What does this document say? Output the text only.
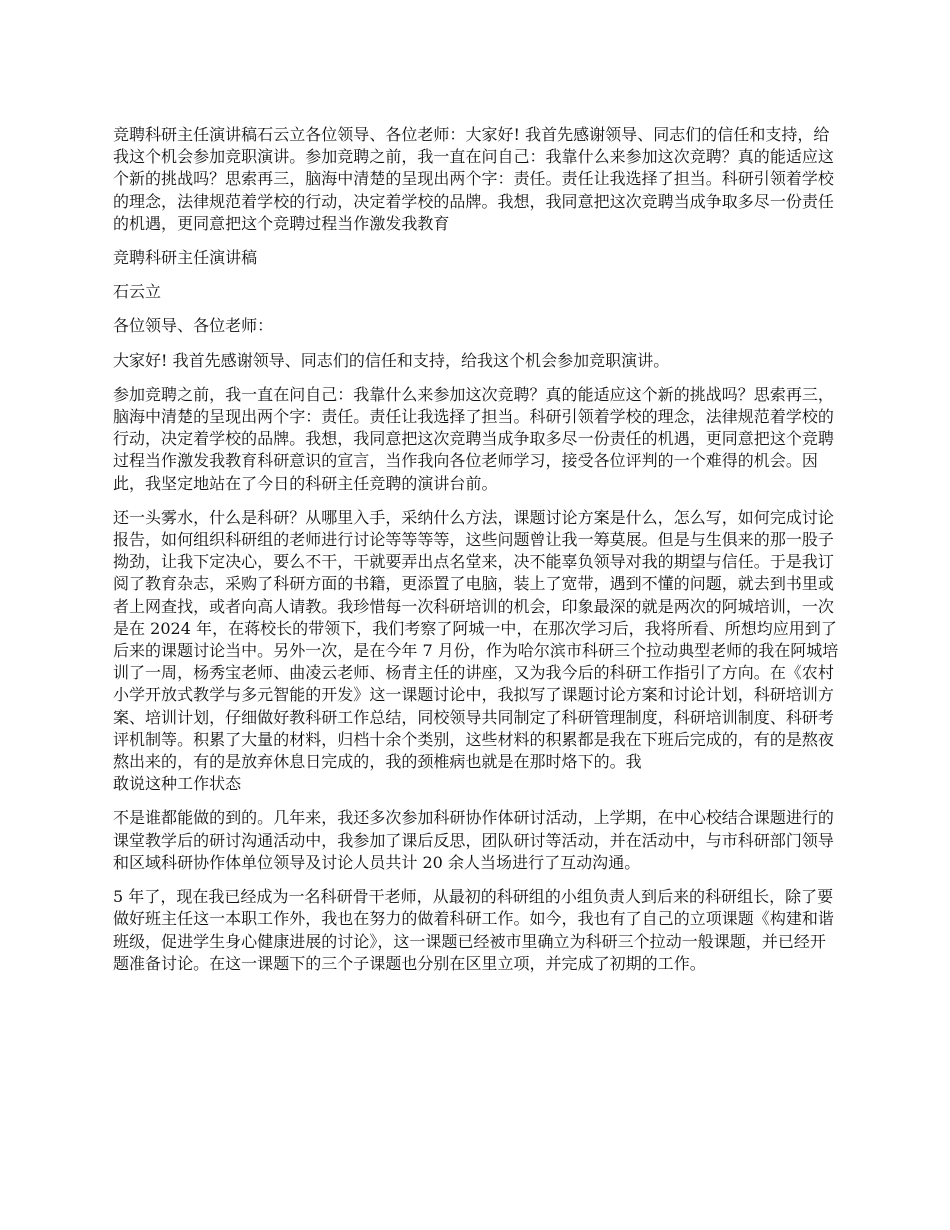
竞聘科研主任演讲稿石云立各位领导、各位老师：大家好! 我首先感谢领导、同志们的信任和支持，给我这个机会参加竞职演讲。参加竞聘之前，我一直在问自己：我靠什么来参加这次竞聘？真的能适应这个新的挑战吗？思索再三，脑海中清楚的呈现出两个字：责任。责任让我选择了担当。科研引领着学校的理念，法律规范着学校的行动，决定着学校的品牌。我想，我同意把这次竞聘当成争取多尽一份责任的机遇，更同意把这个竞聘过程当作激发我教育

竞聘科研主任演讲稿

石云立

各位领导、各位老师：

大家好! 我首先感谢领导、同志们的信任和支持，给我这个机会参加竞职演讲。

参加竞聘之前，我一直在问自己：我靠什么来参加这次竞聘？真的能适应这个新的挑战吗？思索再三，脑海中清楚的呈现出两个字：责任。责任让我选择了担当。科研引领着学校的理念，法律规范着学校的行动，决定着学校的品牌。我想，我同意把这次竞聘当成争取多尽一份责任的机遇，更同意把这个竞聘过程当作激发我教育科研意识的宣言，当作我向各位老师学习，接受各位评判的一个难得的机会。因此，我坚定地站在了今日的科研主任竞聘的演讲台前。

还一头雾水，什么是科研？从哪里入手，采纳什么方法，课题讨论方案是什么，怎么写，如何完成讨论报告，如何组织科研组的老师进行讨论等等等等，这些问题曾让我一筹莫展。但是与生俱来的那一股子拗劲，让我下定决心，要么不干，干就要弄出点名堂来，决不能辜负领导对我的期望与信任。于是我订阅了教育杂志，采购了科研方面的书籍，更添置了电脑，装上了宽带，遇到不懂的问题，就去到书里或者上网查找，或者向高人请教。我珍惜每一次科研培训的机会，印象最深的就是两次的阿城培训，一次是在 2024 年，在蒋校长的带领下，我们考察了阿城一中，在那次学习后，我将所看、所想均应用到了后来的课题讨论当中。另外一次，是在今年 7 月份，作为哈尔滨市科研三个拉动典型老师的我在阿城培训了一周，杨秀宝老师、曲凌云老师、杨青主任的讲座，又为我今后的科研工作指引了方向。在《农村小学开放式教学与多元智能的开发》这一课题讨论中，我拟写了课题讨论方案和讨论计划，科研培训方案、培训计划，仔细做好教科研工作总结，同校领导共同制定了科研管理制度，科研培训制度、科研考评机制等。积累了大量的材料，归档十余个类别，这些材料的积累都是我在下班后完成的，有的是熬夜熬出来的，有的是放弃休息日完成的，我的颈椎病也就是在那时烙下的。我

敢说这种工作状态

不是谁都能做的到的。几年来，我还多次参加科研协作体研讨活动，上学期，在中心校结合课题进行的课堂教学后的研讨沟通活动中，我参加了课后反思，团队研讨等活动，并在活动中，与市科研部门领导和区域科研协作体单位领导及讨论人员共计 20 余人当场进行了互动沟通。

5 年了，现在我已经成为一名科研骨干老师，从最初的科研组的小组负责人到后来的科研组长，除了要做好班主任这一本职工作外，我也在努力的做着科研工作。如今，我也有了自己的立项课题《构建和谐班级，促进学生身心健康进展的讨论》，这一课题已经被市里确立为科研三个拉动一般课题，并已经开题准备讨论。在这一课题下的三个子课题也分别在区里立项，并完成了初期的工作。
